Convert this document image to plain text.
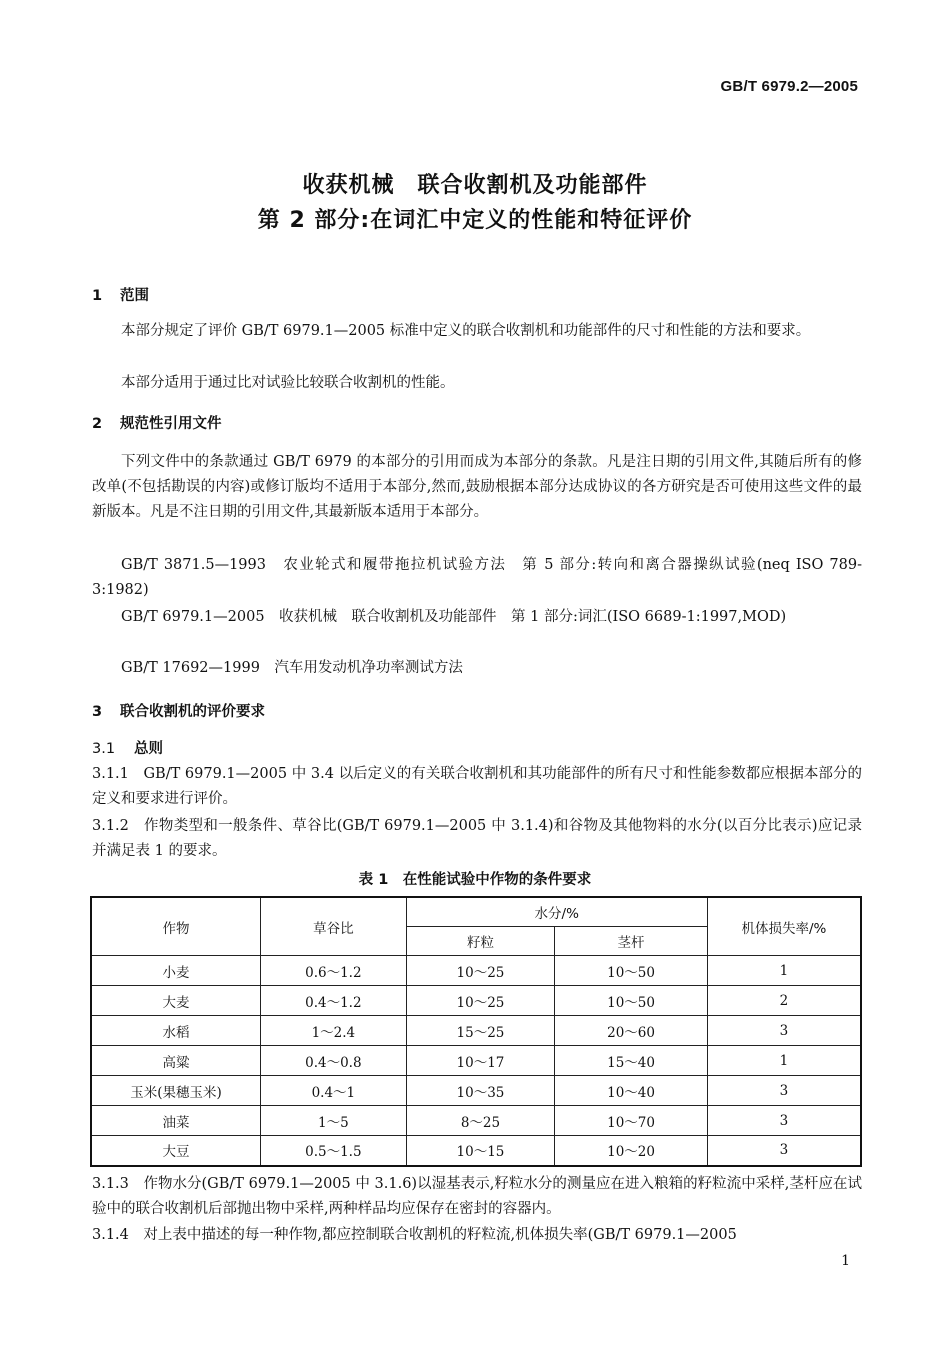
GB/T 6979.2—2005
收获机械　联合收割机及功能部件
第 2 部分:在词汇中定义的性能和特征评价
1 范围
本部分规定了评价 GB/T 6979.1—2005 标准中定义的联合收割机和功能部件的尺寸和性能的方法和要求。
本部分适用于通过比对试验比较联合收割机的性能。
2 规范性引用文件
下列文件中的条款通过 GB/T 6979 的本部分的引用而成为本部分的条款。凡是注日期的引用文件,其随后所有的修改单(不包括勘误的内容)或修订版均不适用于本部分,然而,鼓励根据本部分达成协议的各方研究是否可使用这些文件的最新版本。凡是不注日期的引用文件,其最新版本适用于本部分。
GB/T 3871.5—1993　农业轮式和履带拖拉机试验方法　第 5 部分:转向和离合器操纵试验(neq ISO 789-3:1982)
GB/T 6979.1—2005　收获机械　联合收割机及功能部件　第 1 部分:词汇(ISO 6689-1:1997,MOD)
GB/T 17692—1999　汽车用发动机净功率测试方法
3 联合收割机的评价要求
3.1 总则
3.1.1　GB/T 6979.1—2005 中 3.4 以后定义的有关联合收割机和其功能部件的所有尺寸和性能参数都应根据本部分的定义和要求进行评价。
3.1.2　作物类型和一般条件、草谷比(GB/T 6979.1—2005 中 3.1.4)和谷物及其他物料的水分(以百分比表示)应记录并满足表 1 的要求。
表 1　在性能试验中作物的条件要求
作物	草谷比	水分/%		机体损失率/%
		籽粒	茎杆	
小麦	0.6～1.2	10～25	10～50	1
大麦	0.4～1.2	10～25	10～50	2
水稻	1～2.4	15～25	20～60	3
高粱	0.4～0.8	10～17	15～40	1
玉米(果穗玉米)	0.4～1	10～35	10～40	3
油菜	1～5	8～25	10～70	3
大豆	0.5～1.5	10～15	10～20	3
3.1.3　作物水分(GB/T 6979.1—2005 中 3.1.6)以湿基表示,籽粒水分的测量应在进入粮箱的籽粒流中采样,茎杆应在试验中的联合收割机后部抛出物中采样,两种样品均应保存在密封的容器内。
3.1.4　对上表中描述的每一种作物,都应控制联合收割机的籽粒流,机体损失率(GB/T 6979.1—2005
1
